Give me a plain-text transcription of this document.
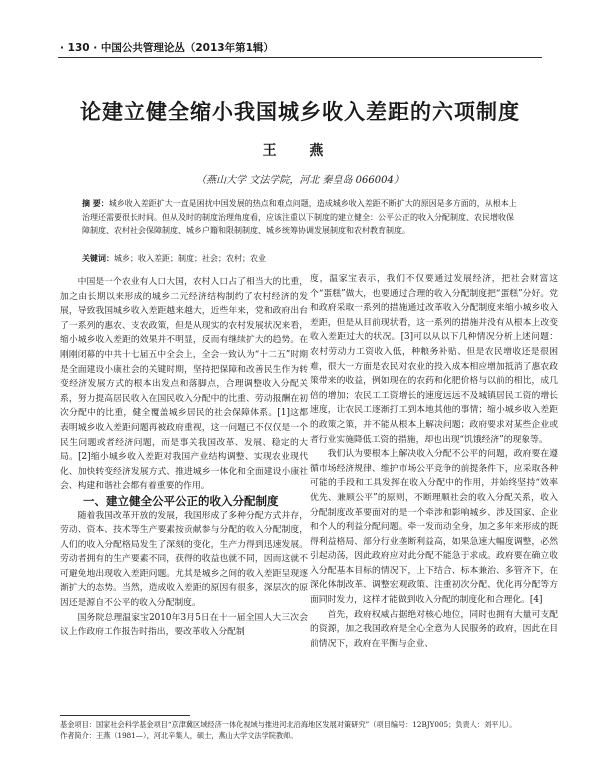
· 130 · 中国公共管理论丛（2013年第1辑）
论建立健全缩小我国城乡收入差距的六项制度
王 燕
（燕山大学 文法学院，河北 秦皇岛 066004）
摘 要：城乡收入差距扩大一直是困扰中国发展的热点和难点问题，造成城乡收入差距不断扩大的原因是多方面的，从根本上治理还需要很长时间。但从及时的制度治理角度看，应该注重以下制度的建立健全：公平公正的收入分配制度、农民增收保障制度、农村社会保障制度、城乡户籍和限制制度、城乡统筹协调发展制度和农村教育制度。
关键词：城乡；收入差距；制度；社会；农村；农业

中国是一个农业有人口大国，农村人口占了相当大的比重，加之由长期以来形成的城乡二元经济结构制约了农村经济的发展，导致我国城乡收入差距越来越大，近些年来，党和政府出台了一系列的惠农、支农政策，但是从现实的农村发展状况来看，缩小城乡收入差距的效果并不明显，反而有继续扩大的趋势。在刚刚闭幕的中共十七届五中全会上，全会一致认为“十二五”时期是全面建设小康社会的关键时期，坚持把保障和改善民生作为转变经济发展方式的根本出发点和落脚点，合理调整收入分配关系，努力提高居民收入在国民收入分配中的比重、劳动报酬在初次分配中的比重，健全覆盖城乡居民的社会保障体系。[1]这都表明城乡收入差距问题再被政府重视，这一问题已不仅仅是一个民生问题或者经济问题，而是事关我国改革、发展、稳定的大局。[2]缩小城乡收入差距对我国产业结构调整、实现农业现代化、加快转变经济发展方式、推进城乡一体化和全面建设小康社会、构建和谐社会都有着重要的作用。

一、建立健全公平公正的收入分配制度

随着我国改革开放的发展，我国形成了多种分配方式并存，劳动、资本、技术等生产要素按贡献参与分配的收入分配制度，人们的收入分配格局发生了深刻的变化，生产力得到迅速发展。劳动者拥有的生产要素不同，获得的收益也就不同，因而这就不可避免地出现收入差距问题。尤其是城乡之间的收入差距呈现逐渐扩大的态势。当然，造成收入差距的原因有很多，深层次的原因还是源自不公平的收入分配制度。

国务院总理温家宝2010年3月5日在十一届全国人大三次会议上作政府工作报告时指出，要改革收入分配制

度，温家宝表示，我们不仅要通过发展经济，把社会财富这个“蛋糕”做大，也要通过合理的收入分配制度把“蛋糕”分好。党和政府采取一系列的措施通过改革收入分配制度来缩小城乡收入差距，但是从目前现状看，这一系列的措施并没有从根本上改变收入差距过大的状况。[3]可以从以下几种情况分析上述问题：农村劳动力工资收入低，种粮务补贴、但是农民增收还是很困难，很大一方面是农民对农业的投入成本相应增加抵消了惠农政策带来的收益，例如现在的农药和化肥价格与以前的相比，成几倍的增加；农民工工资增长的速度远远不及城镇居民工资的增长速度，让农民工逐渐打工到本地其他的事情；缩小城乡收入差距的政策之策，并不能从根本上解决问题；政府要求对某些企业或者行业实施降低工资的措施，却也出现“饥饿经济”的现象等。

我们认为要根本上解决收入分配不公平的问题，政府要在遵循市场经济规律、维护市场公平竞争的前提条件下，应采取各种可能的手段和工具发挥在收入分配中的作用，并始终坚持“效率优先、兼顾公平”的原则，不断理顺社会的收入分配关系，收入分配制度改革要面对的是一个牵涉和影响城乡、涉及国家、企业和个人的利益分配问题。牵一发而动全身，加之多年来形成的既得利益格局、部分行业垄断利益高，如果急速大幅度调整，必然引起动荡，因此政府应对此分配不能急于求成。政府要在确立收入分配基本目标的情况下，上下结合、标本兼治、多管齐下，在深化体制改革、调整宏观政策、注重初次分配、优化再分配等方面同时发力，这样才能做到收入分配的制度化和合理化。[4]

首先，政府权威占据绝对核心地位，同时也拥有大量可支配的资源，加之我国政府是全心全意为人民服务的政府，因此在目前情况下，政府在平衡与企业、

基金项目：国家社会科学基金项目“京津冀区域经济一体化视域与推进河北沿海地区发展对策研究”（项目编号：12BJY005；负责人：刘平儿）。

作者简介：王燕（1981—），河北辛集人，硕士，燕山大学文法学院教师。
